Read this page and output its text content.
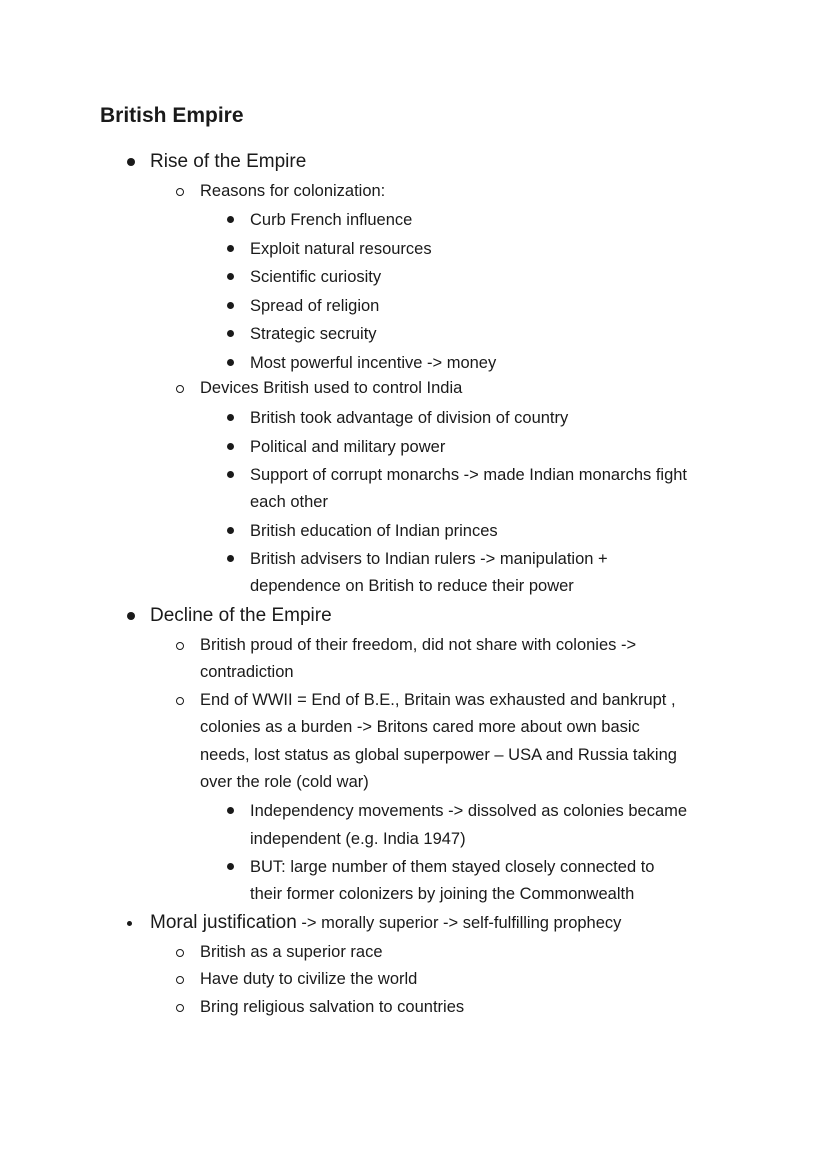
British Empire
Rise of the Empire
Reasons for colonization:
Curb French influence
Exploit natural resources
Scientific curiosity
Spread of religion
Strategic secruity
Most powerful incentive -> money
Devices British used to control India
British took advantage of division of country
Political and military power
Support of corrupt monarchs -> made Indian monarchs fight
each other
British education of Indian princes
British advisers to Indian rulers -> manipulation +
dependence on British to reduce their power
Decline of the Empire
British proud of their freedom, did not share with colonies ->
contradiction
End of WWII = End of B.E., Britain was exhausted and bankrupt ,
colonies as a burden -> Britons cared more about own basic
needs, lost status as global superpower – USA and Russia taking
over the role (cold war)
Independency movements -> dissolved as colonies became
independent (e.g. India 1947)
BUT: large number of them stayed closely connected to
their former colonizers by joining the Commonwealth
Moral justification -> morally superior -> self-fulfilling prophecy
British as a superior race
Have duty to civilize the world
Bring religious salvation to countries
